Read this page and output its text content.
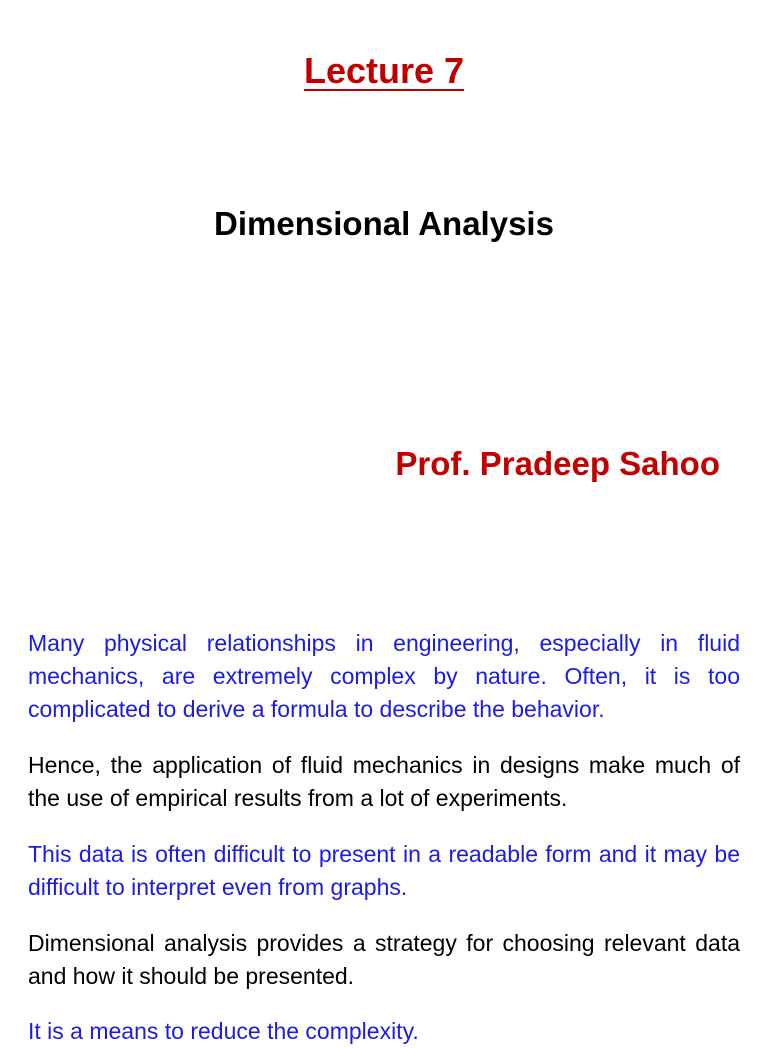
Lecture 7
Dimensional Analysis
Prof. Pradeep Sahoo

Many physical relationships in engineering, especially in fluid mechanics, are extremely complex by nature. Often, it is too complicated to derive a formula to describe the behavior.

Hence, the application of fluid mechanics in designs make much of the use of empirical results from a lot of experiments.

This data is often difficult to present in a readable form and it may be difficult to interpret even from graphs.

Dimensional analysis provides a strategy for choosing relevant data and how it should be presented.

It is a means to reduce the complexity.
